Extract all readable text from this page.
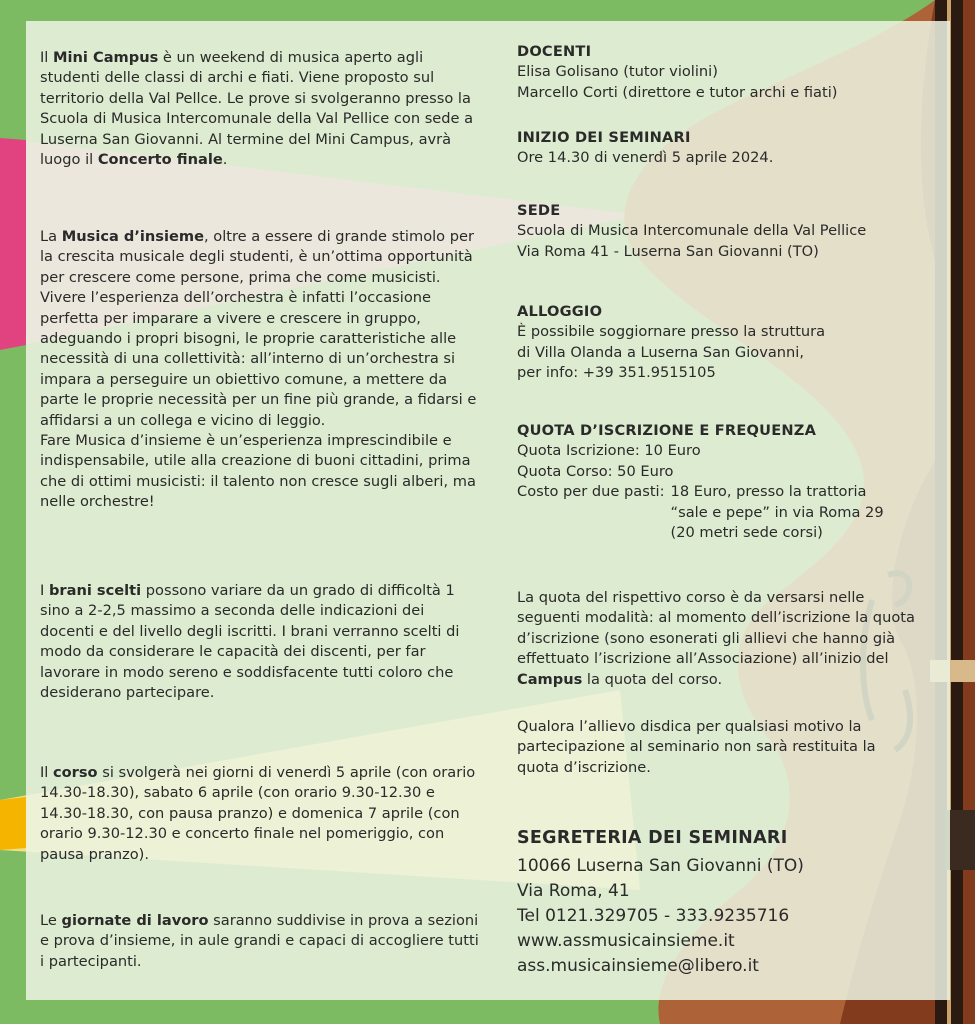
Il Mini Campus è un weekend di musica aperto agli studenti delle classi di archi e fiati. Viene proposto sul territorio della Val Pellce. Le prove si svolgeranno presso la Scuola di Musica Intercomunale della Val Pellice con sede a Luserna San Giovanni. Al termine del Mini Campus, avrà luogo il Concerto finale.

La Musica d’insieme, oltre a essere di grande stimolo per la crescita musicale degli studenti, è un’ottima opportunità per crescere come persone, prima che come musicisti. Vivere l’esperienza dell’orchestra è infatti l’occasione perfetta per imparare a vivere e crescere in gruppo, adeguando i propri bisogni, le proprie caratteristiche alle necessità di una collettività: all’interno di un’orchestra si impara a perseguire un obiettivo comune, a mettere da parte le proprie necessità per un fine più grande, a fidarsi e affidarsi a un collega e vicino di leggio.

Fare Musica d’insieme è un’esperienza imprescindibile e indispensabile, utile alla creazione di buoni cittadini, prima che di ottimi musicisti: il talento non cresce sugli alberi, ma nelle orchestre!

I brani scelti possono variare da un grado di difficoltà 1 sino a 2-2,5 massimo a seconda delle indicazioni dei docenti e del livello degli iscritti. I brani verranno scelti di modo da considerare le capacità dei discenti, per far lavorare in modo sereno e soddisfacente tutti coloro che desiderano partecipare.
Il corso si svolgerà nei giorni di venerdì 5 aprile (con orario 14.30-18.30), sabato 6 aprile (con orario 9.30-12.30 e 14.30-18.30, con pausa pranzo) e domenica 7 aprile (con orario 9.30-12.30 e concerto finale nel pomeriggio, con pausa pranzo).
Le giornate di lavoro saranno suddivise in prova a sezioni e prova d’insieme, in aule grandi e capaci di accogliere tutti i partecipanti.
DOCENTI
Elisa Golisano (tutor violini)
Marcello Corti (direttore e tutor archi e fiati)
INIZIO DEI SEMINARI
Ore 14.30 di venerdì 5 aprile 2024.
SEDE
Scuola di Musica Intercomunale della Val Pellice
Via Roma 41 - Luserna San Giovanni (TO)
ALLOGGIO
È possibile soggiornare presso la struttura
di Villa Olanda a Luserna San Giovanni,
per info: +39 351.9515105
QUOTA D’ISCRIZIONE E FREQUENZA
Quota Iscrizione: 10 Euro
Quota Corso: 50 Euro
Costo per due pasti: 18 Euro, presso la trattoria
“sale e pepe” in via Roma 29
(20 metri sede corsi)
La quota del rispettivo corso è da versarsi nelle seguenti modalità: al momento dell’iscrizione la quota d’iscrizione (sono esonerati gli allievi che hanno già effettuato l’iscrizione all’Associazione) all’inizio del Campus la quota del corso.
Qualora l’allievo disdica per qualsiasi motivo la partecipazione al seminario non sarà restituita la quota d’iscrizione.
SEGRETERIA DEI SEMINARI
10066 Luserna San Giovanni (TO)
Via Roma, 41
Tel 0121.329705 - 333.9235716
www.assmusicainsieme.it
ass.musicainsieme@libero.it
